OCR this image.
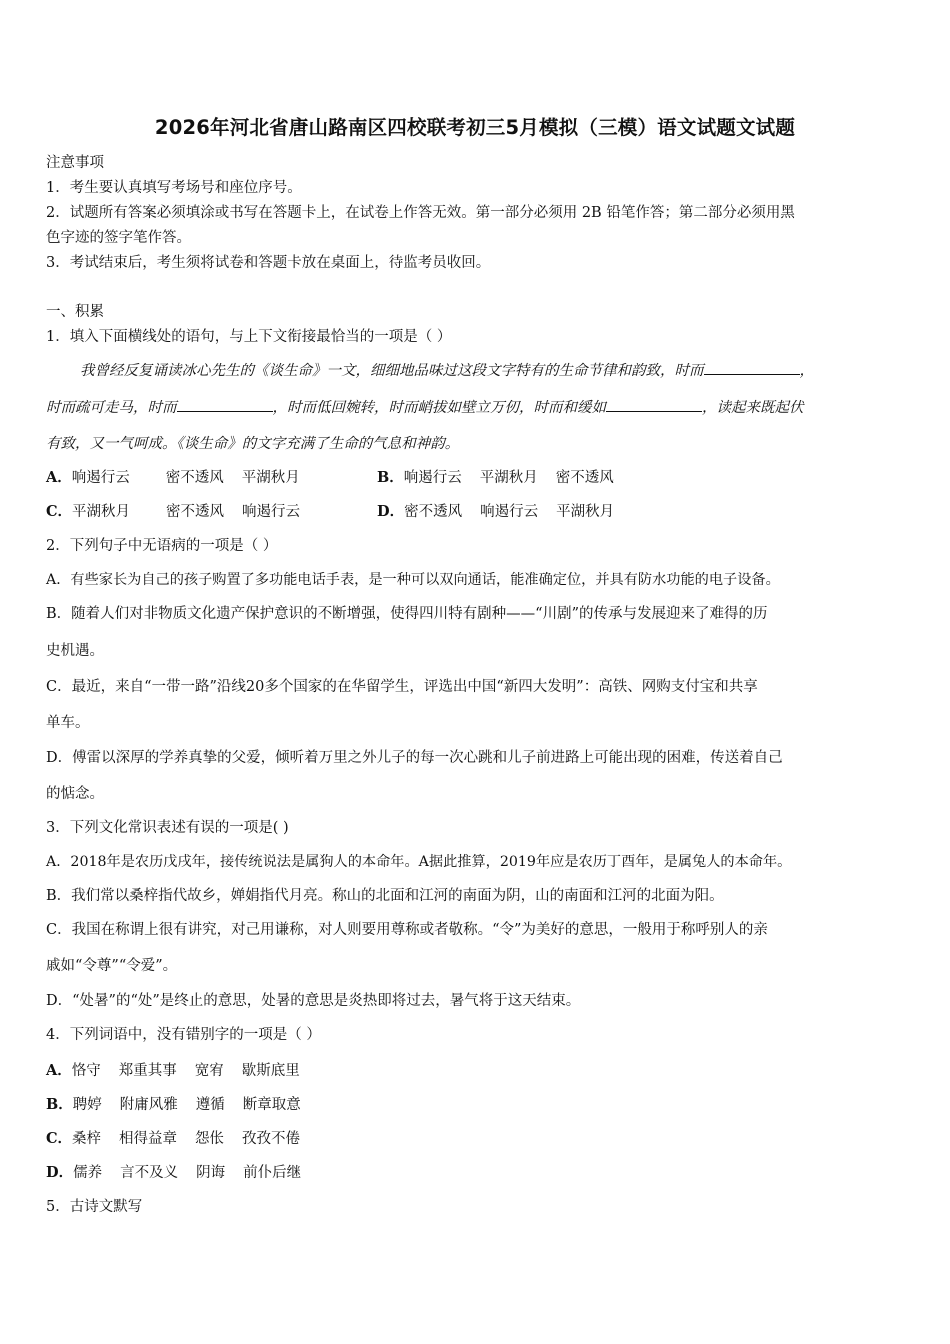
2026年河北省唐山路南区四校联考初三5月模拟（三模）语文试题文试题
注意事项
1．考生要认真填写考场号和座位序号。
2．试题所有答案必须填涂或书写在答题卡上，在试卷上作答无效。第一部分必须用 2B 铅笔作答；第二部分必须用黑
色字迹的签字笔作答。
3．考试结束后，考生须将试卷和答题卡放在桌面上，待监考员收回。
一、积累
1．填入下面横线处的语句，与上下文衔接最恰当的一项是（ ）
我曾经反复诵读冰心先生的《谈生命》一文，细细地品味过这段文字特有的生命节律和韵致，时而	，
时而疏可走马，时而	，时而低回婉转，时而峭拔如壁立万仞，时而和缓如	，读起来既起伏
有致，又一气呵成。《谈生命》的文字充满了生命的气息和神韵。
A．响遏行云 密不透风 平湖秋月	B．响遏行云 平湖秋月 密不透风
C．平湖秋月 密不透风 响遏行云	D．密不透风 响遏行云 平湖秋月
2．下列句子中无语病的一项是（ ）
A．有些家长为自己的孩子购置了多功能电话手表，是一种可以双向通话，能准确定位，并具有防水功能的电子设备。
B．随着人们对非物质文化遗产保护意识的不断增强，使得四川特有剧种——“川剧”的传承与发展迎来了难得的历
史机遇。
C．最近，来自“一带一路”沿线20多个国家的在华留学生，评选出中国“新四大发明”：高铁、网购支付宝和共享
单车。
D．傅雷以深厚的学养真挚的父爱，倾听着万里之外儿子的每一次心跳和儿子前进路上可能出现的困难，传送着自己
的惦念。
3．下列文化常识表述有误的一项是( )
A．2018年是农历戊戌年，接传统说法是属狗人的本命年。A据此推算，2019年应是农历丁酉年，是属兔人的本命年。
B．我们常以桑梓指代故乡，婵娟指代月亮。称山的北面和江河的南面为阴，山的南面和江河的北面为阳。
C．我国在称谓上很有讲究，对己用谦称，对人则要用尊称或者敬称。“令”为美好的意思，一般用于称呼别人的亲
戚如“令尊”“令爱”。
D．“处暑”的“处”是终止的意思，处暑的意思是炎热即将过去，暑气将于这天结束。
4．下列词语中，没有错别字的一项是（ ）
A．恪守 郑重其事 宽宥 歇斯底里
B．聘婷 附庸风雅 遵循 断章取意
C．桑梓 相得益章 怨伥 孜孜不倦
D．儒养 言不及义 阴诲 前仆后继
5．古诗文默写
